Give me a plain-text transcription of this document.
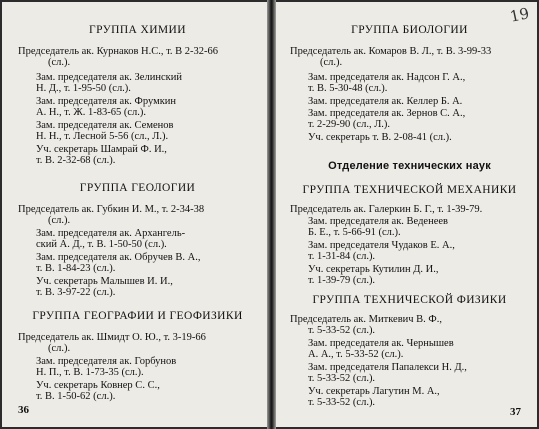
ГРУППА ХИМИИ
Председатель ак. Курнаков Н.С., т. В 2-32-66
(сл.).
Зам. председателя ак. Зелинский
Н. Д., т. 1-95-50 (сл.).
Зам. председателя ак. Фрумкин
А. Н., т. Ж. 1-83-65 (сл.).
Зам. председателя ак. Семенов
Н. Н., т. Лесной 5-56 (сл., Л.).
Уч. секретарь Шамрай Ф. И.,
т. В. 2-32-68 (сл.).
ГРУППА ГЕОЛОГИИ
Председатель ак. Губкин И. М., т. 2-34-38
(сл.).
Зам. председателя ак. Архангель-
ский А. Д., т. В. 1-50-50 (сл.).
Зам. председателя ак. Обручев В. А.,
т. В. 1-84-23 (сл.).
Уч. секретарь Малышев И. И.,
т. В. 3-97-22 (сл.).
ГРУППА ГЕОГРАФИИ И ГЕОФИЗИКИ
Председатель ак. Шмидт О. Ю., т. 3-19-66
(сл.).
Зам. председателя ак. Горбунов
Н. П., т. В. 1-73-35 (сл.).
Уч. секретарь Ковнер С. С.,
т. В. 1-50-62 (сл.).
36
19
ГРУППА БИОЛОГИИ
Председатель ак. Комаров В. Л., т. В. 3-99-33
(сл.).
Зам. председателя ак. Надсон Г. А.,
т. В. 5-30-48 (сл.).
Зам. председателя ак. Келлер Б. А.
Зам. председателя ак. Зернов С. А.,
т. 2-29-90 (сл., Л.).
Уч. секретарь т. В. 2-08-41 (сл.).
Отделение технических наук
ГРУППА ТЕХНИЧЕСКОЙ МЕХАНИКИ
Председатель ак. Галеркин Б. Г., т. 1-39-79.
Зам. председателя ак. Веденеев
Б. Е., т. 5-66-91 (сл.).
Зам. председателя Чудаков Е. А.,
т. 1-31-84 (сл.).
Уч. секретарь Кутилин Д. И.,
т. 1-39-79 (сл.).
ГРУППА ТЕХНИЧЕСКОЙ ФИЗИКИ
Председатель ак. Миткевич В. Ф.,
т. 5-33-52 (сл.).
Зам. председателя ак. Чернышев
А. А., т. 5-33-52 (сл.).
Зам. председателя Папалекси Н. Д.,
т. 5-33-52 (сл.).
Уч. секретарь Лагутин М. А.,
т. 5-33-52 (сл.).
37
